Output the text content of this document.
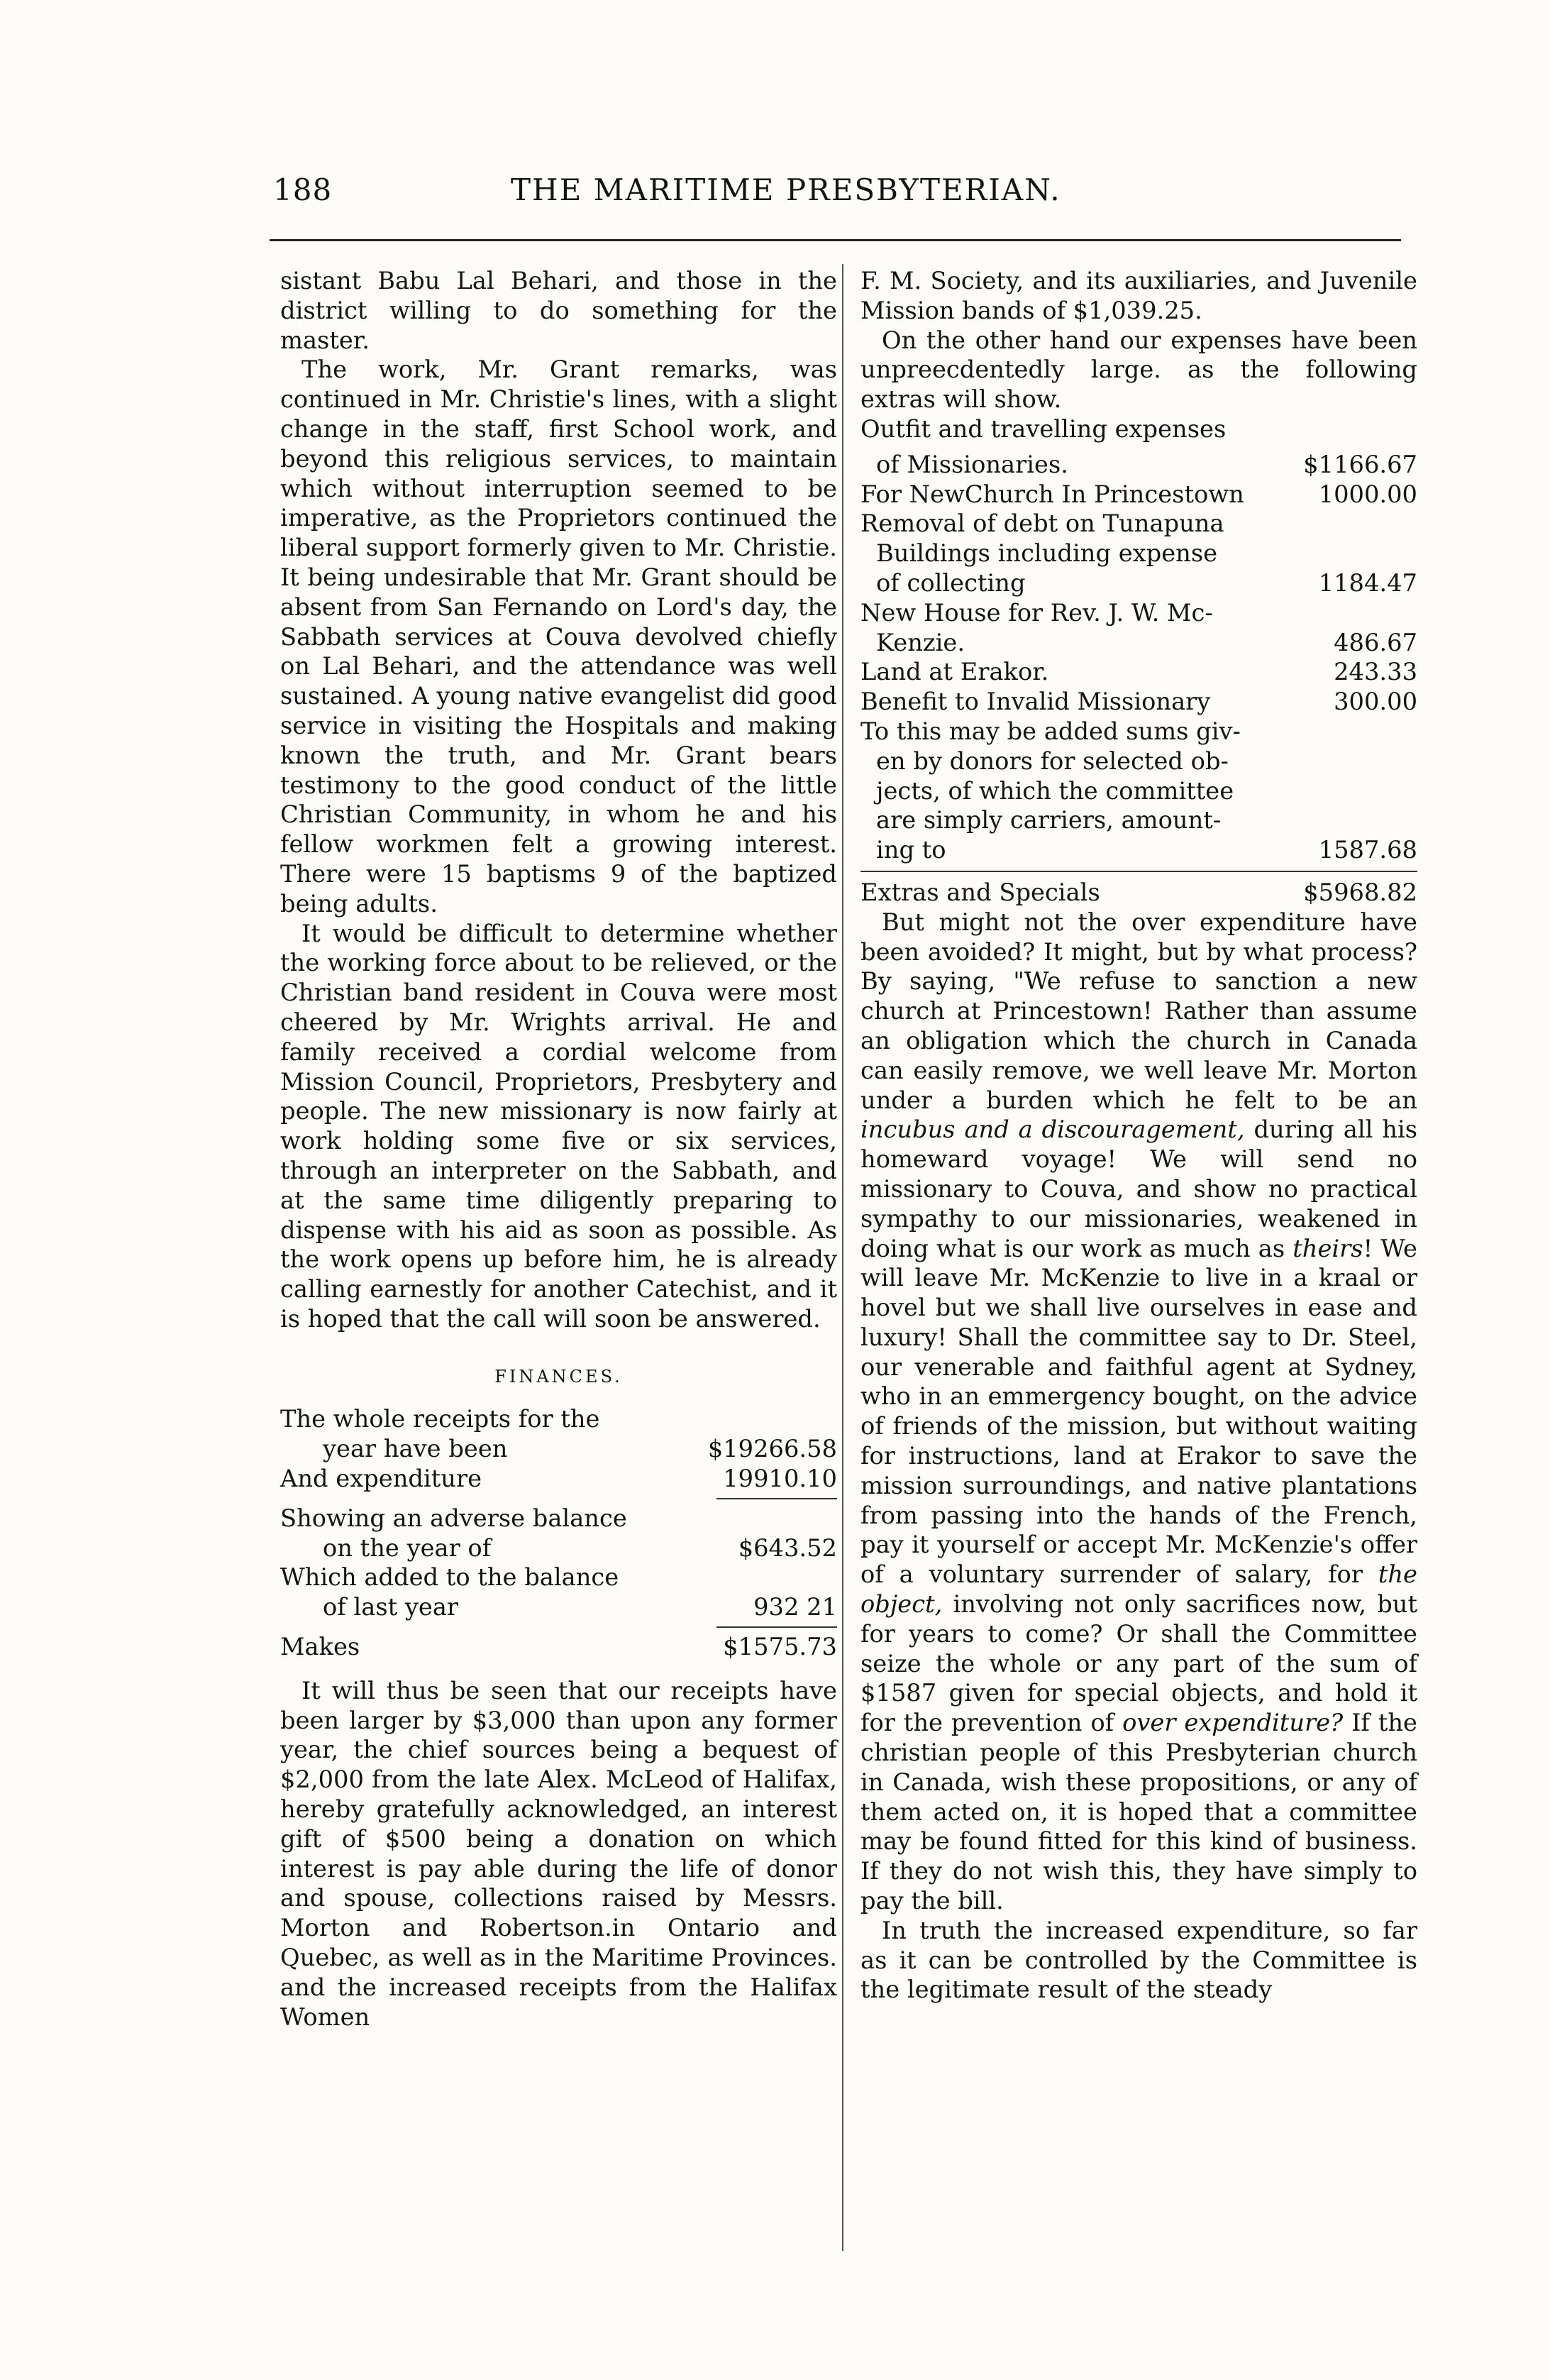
188	THE MARITIME PRESBYTERIAN.

sistant Babu Lal Behari, and those in the district willing to do something for the master.

The work, Mr. Grant remarks, was continued in Mr. Christie's lines, with a slight change in the staff, first School work, and beyond this religious services, to maintain which without interruption seemed to be imperative, as the Proprietors continued the liberal support formerly given to Mr. Christie. It being undesirable that Mr. Grant should be absent from San Fernando on Lord's day, the Sabbath services at Couva devolved chiefly on Lal Behari, and the attendance was well sustained. A young native evangelist did good service in visiting the Hospitals and making known the truth, and Mr. Grant bears testimony to the good conduct of the little Christian Community, in whom he and his fellow workmen felt a growing interest. There were 15 baptisms 9 of the baptized being adults.

It would be difficult to determine whether the working force about to be relieved, or the Christian band resident in Couva were most cheered by Mr. Wrights arrival. He and family received a cordial welcome from Mission Council, Proprietors, Presbytery and people. The new missionary is now fairly at work holding some five or six services, through an interpreter on the Sabbath, and at the same time diligently preparing to dispense with his aid as soon as possible. As the work opens up before him, he is already calling earnestly for another Catechist, and it is hoped that the call will soon be answered.

FINANCES.
The whole receipts for the
year have been	$19266.58
And expenditure	19910.10
Showing an adverse balance
on the year of	$643.52
Which added to the balance
of last year	932 21
Makes	$1575.73

It will thus be seen that our receipts have been larger by $3,000 than upon any former year, the chief sources being a bequest of $2,000 from the late Alex. McLeod of Halifax, hereby gratefully acknowledged, an interest gift of $500 being a donation on which interest is pay able during the life of donor and spouse, collections raised by Messrs. Morton and Robertson.in Ontario and Quebec, as well as in the Maritime Provinces. and the increased receipts from the Halifax Women

F. M. Society, and its auxiliaries, and Juvenile Mission bands of $1,039.25.

On the other hand our expenses have been unpreecdentedly large. as the following extras will show.

Outfit and travelling expenses
of Missionaries.	$1166.67
For NewChurch In Princestown	1000.00
Removal of debt on Tunapuna
Buildings including expense
of collecting	1184.47
New House for Rev. J. W. Mc-
Kenzie.	486.67
Land at Erakor.	243.33
Benefit to Invalid Missionary	300.00
To this may be added sums giv-
en by donors for selected ob-
jects, of which the committee
are simply carriers, amount-
ing to	1587.68
Extras and Specials	$5968.82

But might not the over expenditure have been avoided? It might, but by what process? By saying, "We refuse to sanction a new church at Princestown! Rather than assume an obligation which the church in Canada can easily remove, we well leave Mr. Morton under a burden which he felt to be an incubus and a discouragement, during all his homeward voyage! We will send no missionary to Couva, and show no practical sympathy to our missionaries, weakened in doing what is our work as much as theirs! We will leave Mr. McKenzie to live in a kraal or hovel but we shall live ourselves in ease and luxury! Shall the committee say to Dr. Steel, our venerable and faithful agent at Sydney, who in an emmergency bought, on the advice of friends of the mission, but without waiting for instructions, land at Erakor to save the mission surroundings, and native plantations from passing into the hands of the French, pay it yourself or accept Mr. McKenzie's offer of a voluntary surrender of salary, for the object, involving not only sacrifices now, but for years to come? Or shall the Committee seize the whole or any part of the sum of $1587 given for special objects, and hold it for the prevention of over expenditure? If the christian people of this Presbyterian church in Canada, wish these propositions, or any of them acted on, it is hoped that a committee may be found fitted for this kind of business. If they do not wish this, they have simply to pay the bill.

In truth the increased expenditure, so far as it can be controlled by the Committee is the legitimate result of the steady
